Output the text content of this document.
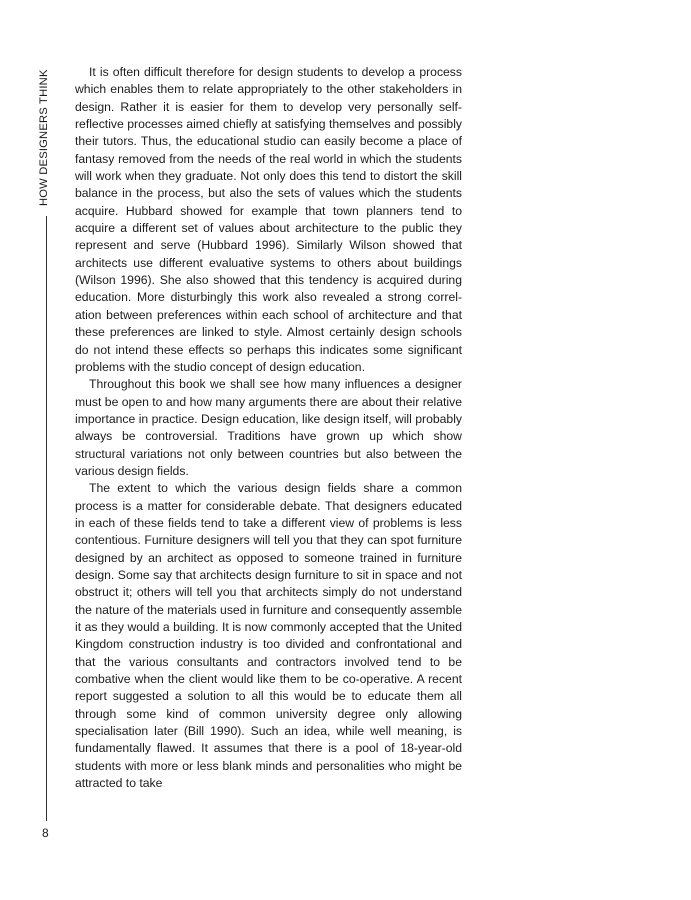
HOW DESIGNERS THINK
8

It is often difficult therefore for design students to develop a process which enables them to relate appropriately to the other stakeholders in design. Rather it is easier for them to develop very personally self-reflective processes aimed chiefly at satisfying themselves and possibly their tutors. Thus, the educational studio can easily become a place of fantasy removed from the needs of the real world in which the students will work when they graduate. Not only does this tend to distort the skill balance in the process, but also the sets of values which the students acquire. Hubbard showed for example that town planners tend to acquire a different set of values about architecture to the public they represent and serve (Hubbard 1996). Similarly Wilson showed that architects use different evaluative systems to others about buildings (Wilson 1996). She also showed that this tendency is acquired during education. More disturbingly this work also revealed a strong correlation between preferences within each school of architecture and that these preferences are linked to style. Almost certainly design schools do not intend these effects so perhaps this indicates some significant problems with the studio concept of design education.

Throughout this book we shall see how many influences a designer must be open to and how many arguments there are about their relative importance in practice. Design education, like design itself, will probably always be controversial. Traditions have grown up which show structural variations not only between countries but also between the various design fields.

The extent to which the various design fields share a common process is a matter for considerable debate. That designers educated in each of these fields tend to take a different view of problems is less contentious. Furniture designers will tell you that they can spot furniture designed by an architect as opposed to someone trained in furniture design. Some say that architects design furniture to sit in space and not obstruct it; others will tell you that architects simply do not understand the nature of the materials used in furniture and consequently assemble it as they would a building. It is now commonly accepted that the United Kingdom construction industry is too divided and confrontational and that the various consultants and contractors involved tend to be combative when the client would like them to be co-operative. A recent report suggested a solution to all this would be to educate them all through some kind of common university degree only allowing specialisation later (Bill 1990). Such an idea, while well meaning, is fundamentally flawed. It assumes that there is a pool of 18-year-old students with more or less blank minds and personalities who might be attracted to take
